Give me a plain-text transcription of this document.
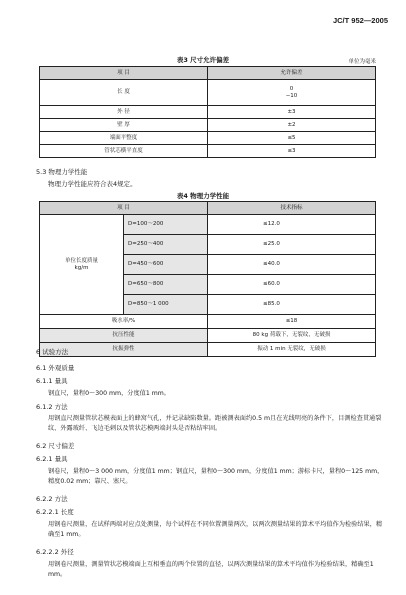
JC/T 952—2005
表3 尺寸允许偏差	单位为毫米
项 目	允许偏差
长 度	0
−10

外 径	±3
壁 厚	±2
端面平整度	≤5
管状芯横平直度	≤3
5.3 物理力学性能
物理力学性能应符合表4规定。
表4 物理力学性能
项 目		技术指标

单位长度质量
kg/m	D=100～200	≤12.0
	D=250～400	≤25.0
	D=450～600	≤40.0
	D=650～800	≤60.0
	D=850～1 000	≤85.0
吸水率/%		≤18
抗压性能		80 kg 荷载下，无裂纹，无破损
抗振弹性		振动 1 min 无裂纹，无破损
6 试验方法
6.1 外观质量
6.1.1 量具
钢直尺，量程0～300 mm，分度值1 mm。
6.1.2 方法
用钢直尺测量管状芯模表面上的蜂窝气孔，并记录缺陷数量。距被测表面约0.5 m且在光线明亮的条件下，目测检查贯通裂纹、外露玻纤、飞边毛刺以及管状芯模两端封头是否粘结牢固。
6.2 尺寸偏差
6.2.1 量具
钢卷尺，量程0～3 000 mm，分度值1 mm；钢直尺，量程0～300 mm，分度值1 mm；游标卡尺，量程0～125 mm，精度0.02 mm；靠尺、塞尺。
6.2.2 方法
6.2.2.1 长度
用钢卷尺测量，在试样两端对应点处测量，每个试样在不同位置测量两次，以两次测量结果的算术平均值作为检验结果，精确至1 mm。
6.2.2.2 外径
用钢卷尺测量，测量管状芯模端面上互相垂直的两个位置的直径，以两次测量结果的算术平均值作为检验结果，精确至1 mm。
